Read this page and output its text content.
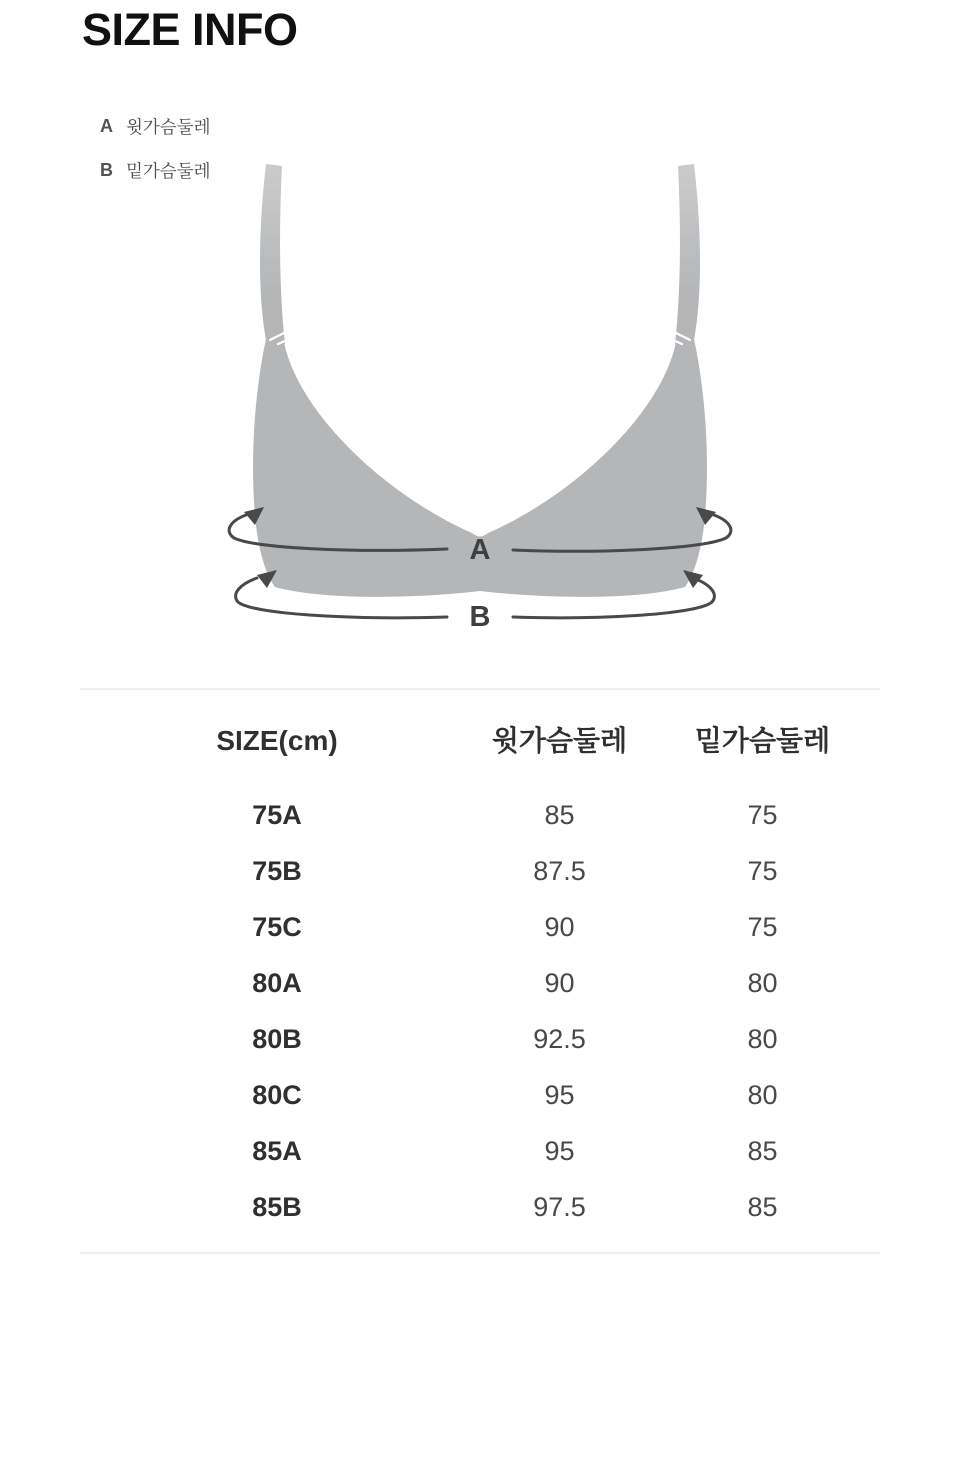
SIZE INFO
A 윗가슴둘레
B 밑가슴둘레
A
B
SIZE(cm)	윗가슴둘레	밑가슴둘레
75A	85	75
75B	87.5	75
75C	90	75
80A	90	80
80B	92.5	80
80C	95	80
85A	95	85
85B	97.5	85
